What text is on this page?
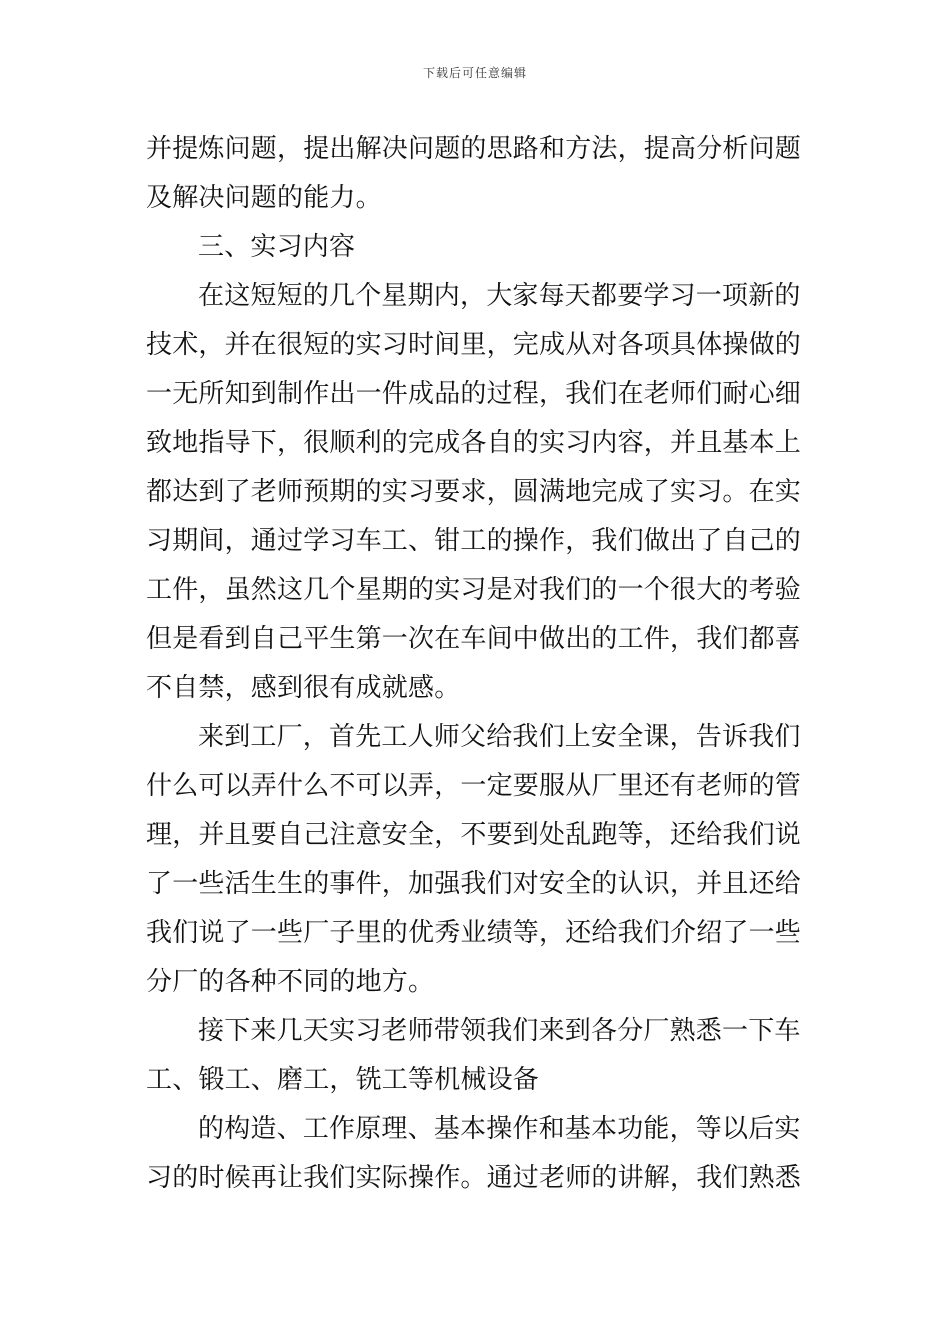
下载后可任意编辑
并提炼问题，提出解决问题的思路和方法，提高分析问题
及解决问题的能力。
三、实习内容
在这短短的几个星期内，大家每天都要学习一项新的
技术，并在很短的实习时间里，完成从对各项具体操做的
一无所知到制作出一件成品的过程，我们在老师们耐心细
致地指导下，很顺利的完成各自的实习内容，并且基本上
都达到了老师预期的实习要求，圆满地完成了实习。在实
习期间，通过学习车工、钳工的操作，我们做出了自己的
工件，虽然这几个星期的实习是对我们的一个很大的考验
但是看到自己平生第一次在车间中做出的工件，我们都喜
不自禁，感到很有成就感。
来到工厂，首先工人师父给我们上安全课，告诉我们
什么可以弄什么不可以弄，一定要服从厂里还有老师的管
理，并且要自己注意安全，不要到处乱跑等，还给我们说
了一些活生生的事件，加强我们对安全的认识，并且还给
我们说了一些厂子里的优秀业绩等，还给我们介绍了一些
分厂的各种不同的地方。
接下来几天实习老师带领我们来到各分厂熟悉一下车
工、锻工、磨工，铣工等机械设备
的构造、工作原理、基本操作和基本功能，等以后实
习的时候再让我们实际操作。通过老师的讲解，我们熟悉
